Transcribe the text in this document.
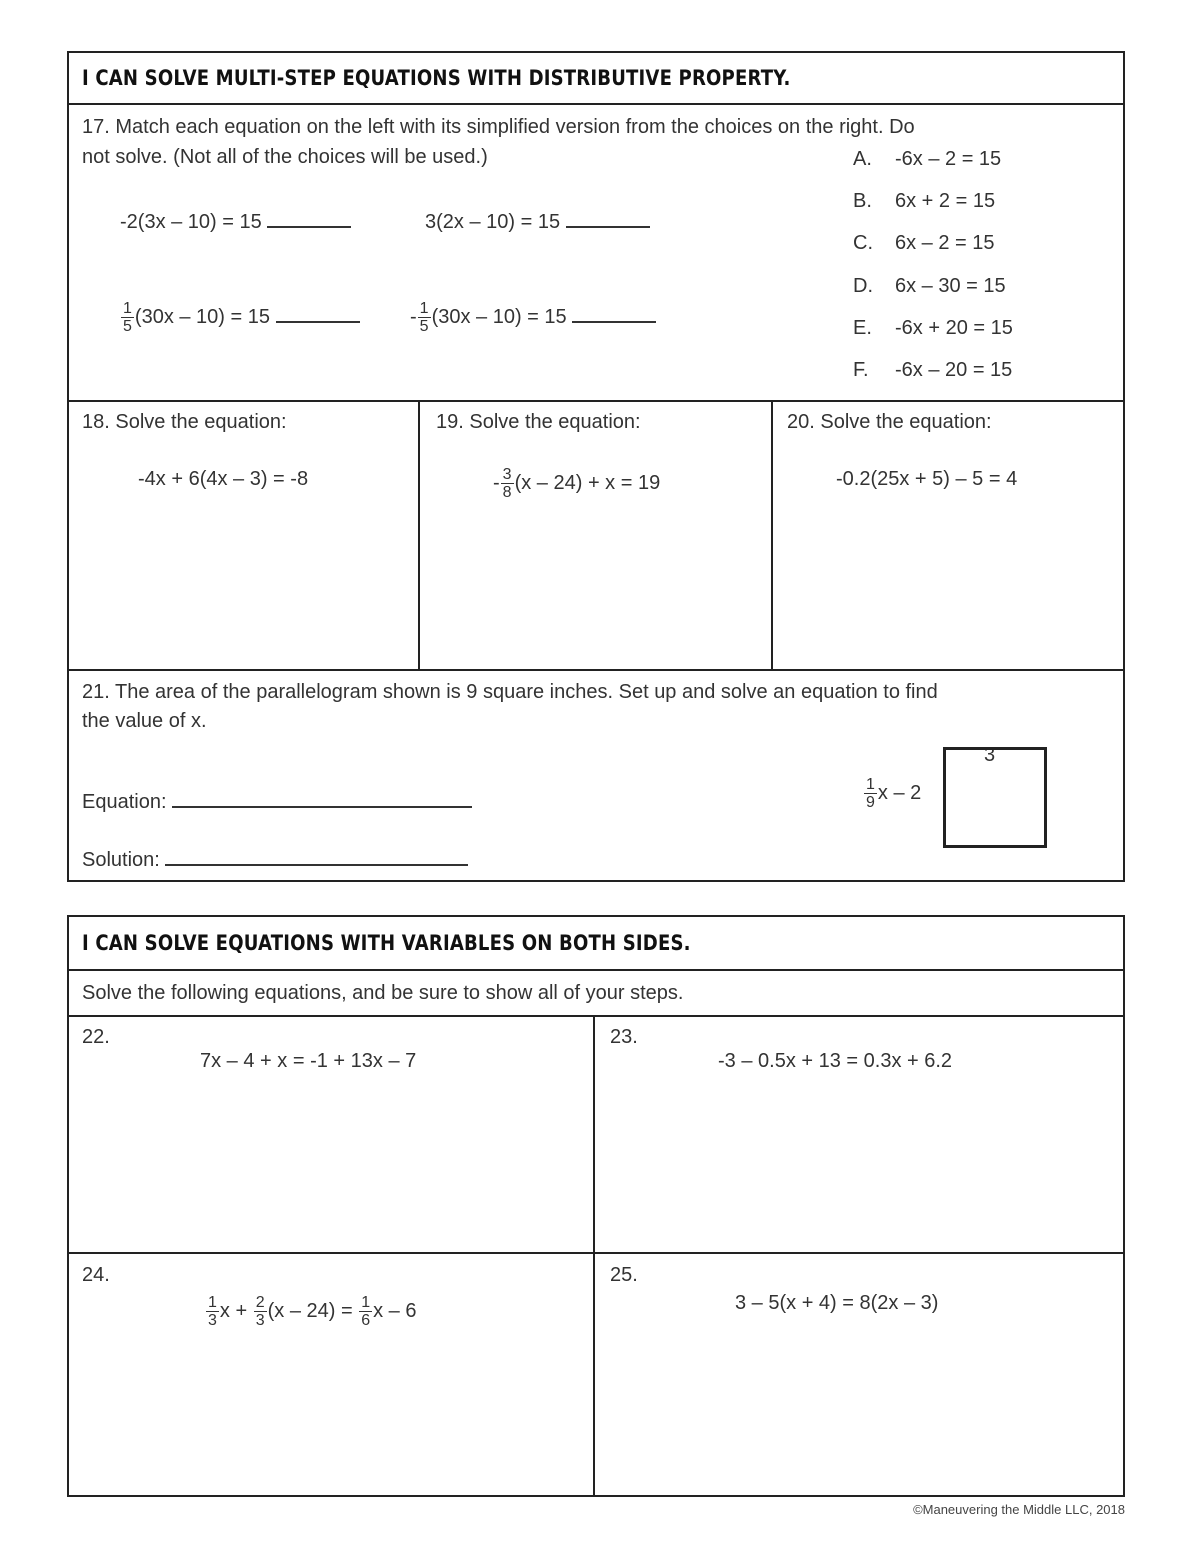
I CAN SOLVE MULTI-STEP EQUATIONS WITH DISTRIBUTIVE PROPERTY.
17. Match each equation on the left with its simplified version from the choices on the right. Do
not solve. (Not all of the choices will be used.)
-2(3x – 10) = 15	3(2x – 10) = 15
$\frac{1}{5} (30x - 10) = 15$	- $\frac{1}{5} (30x - 10) = 15$
A. -6x – 2 = 15
B. 6x + 2 = 15
C. 6x – 2 = 15
D. 6x – 30 = 15
E. -6x + 20 = 15
F. -6x – 20 = 15
18. Solve the equation:
-4x + 6(4x – 3) = -8
19. Solve the equation:
- $\frac{3}{8} (x - 24) + x = 19$
20. Solve the equation:
-0.2(25x + 5) – 5 = 4
21. The area of the parallelogram shown is 9 square inches. Set up and solve an equation to find
the value of x.
Equation:
Solution:
3
$\frac{1}{9}$ x – 2
I CAN SOLVE EQUATIONS WITH VARIABLES ON BOTH SIDES.
Solve the following equations, and be sure to show all of your steps.
22.
7x – 4 + x = -1 + 13x – 7
23.
-3 – 0.5x + 13 = 0.3x + 6.2
24.
$\frac{1}{3}$ $x + \frac{2}{3} (x - 24) = \frac{1}{6}$ x – 6
25.
3 – 5(x + 4) = 8(2x – 3)
©Maneuvering the Middle LLC, 2018
